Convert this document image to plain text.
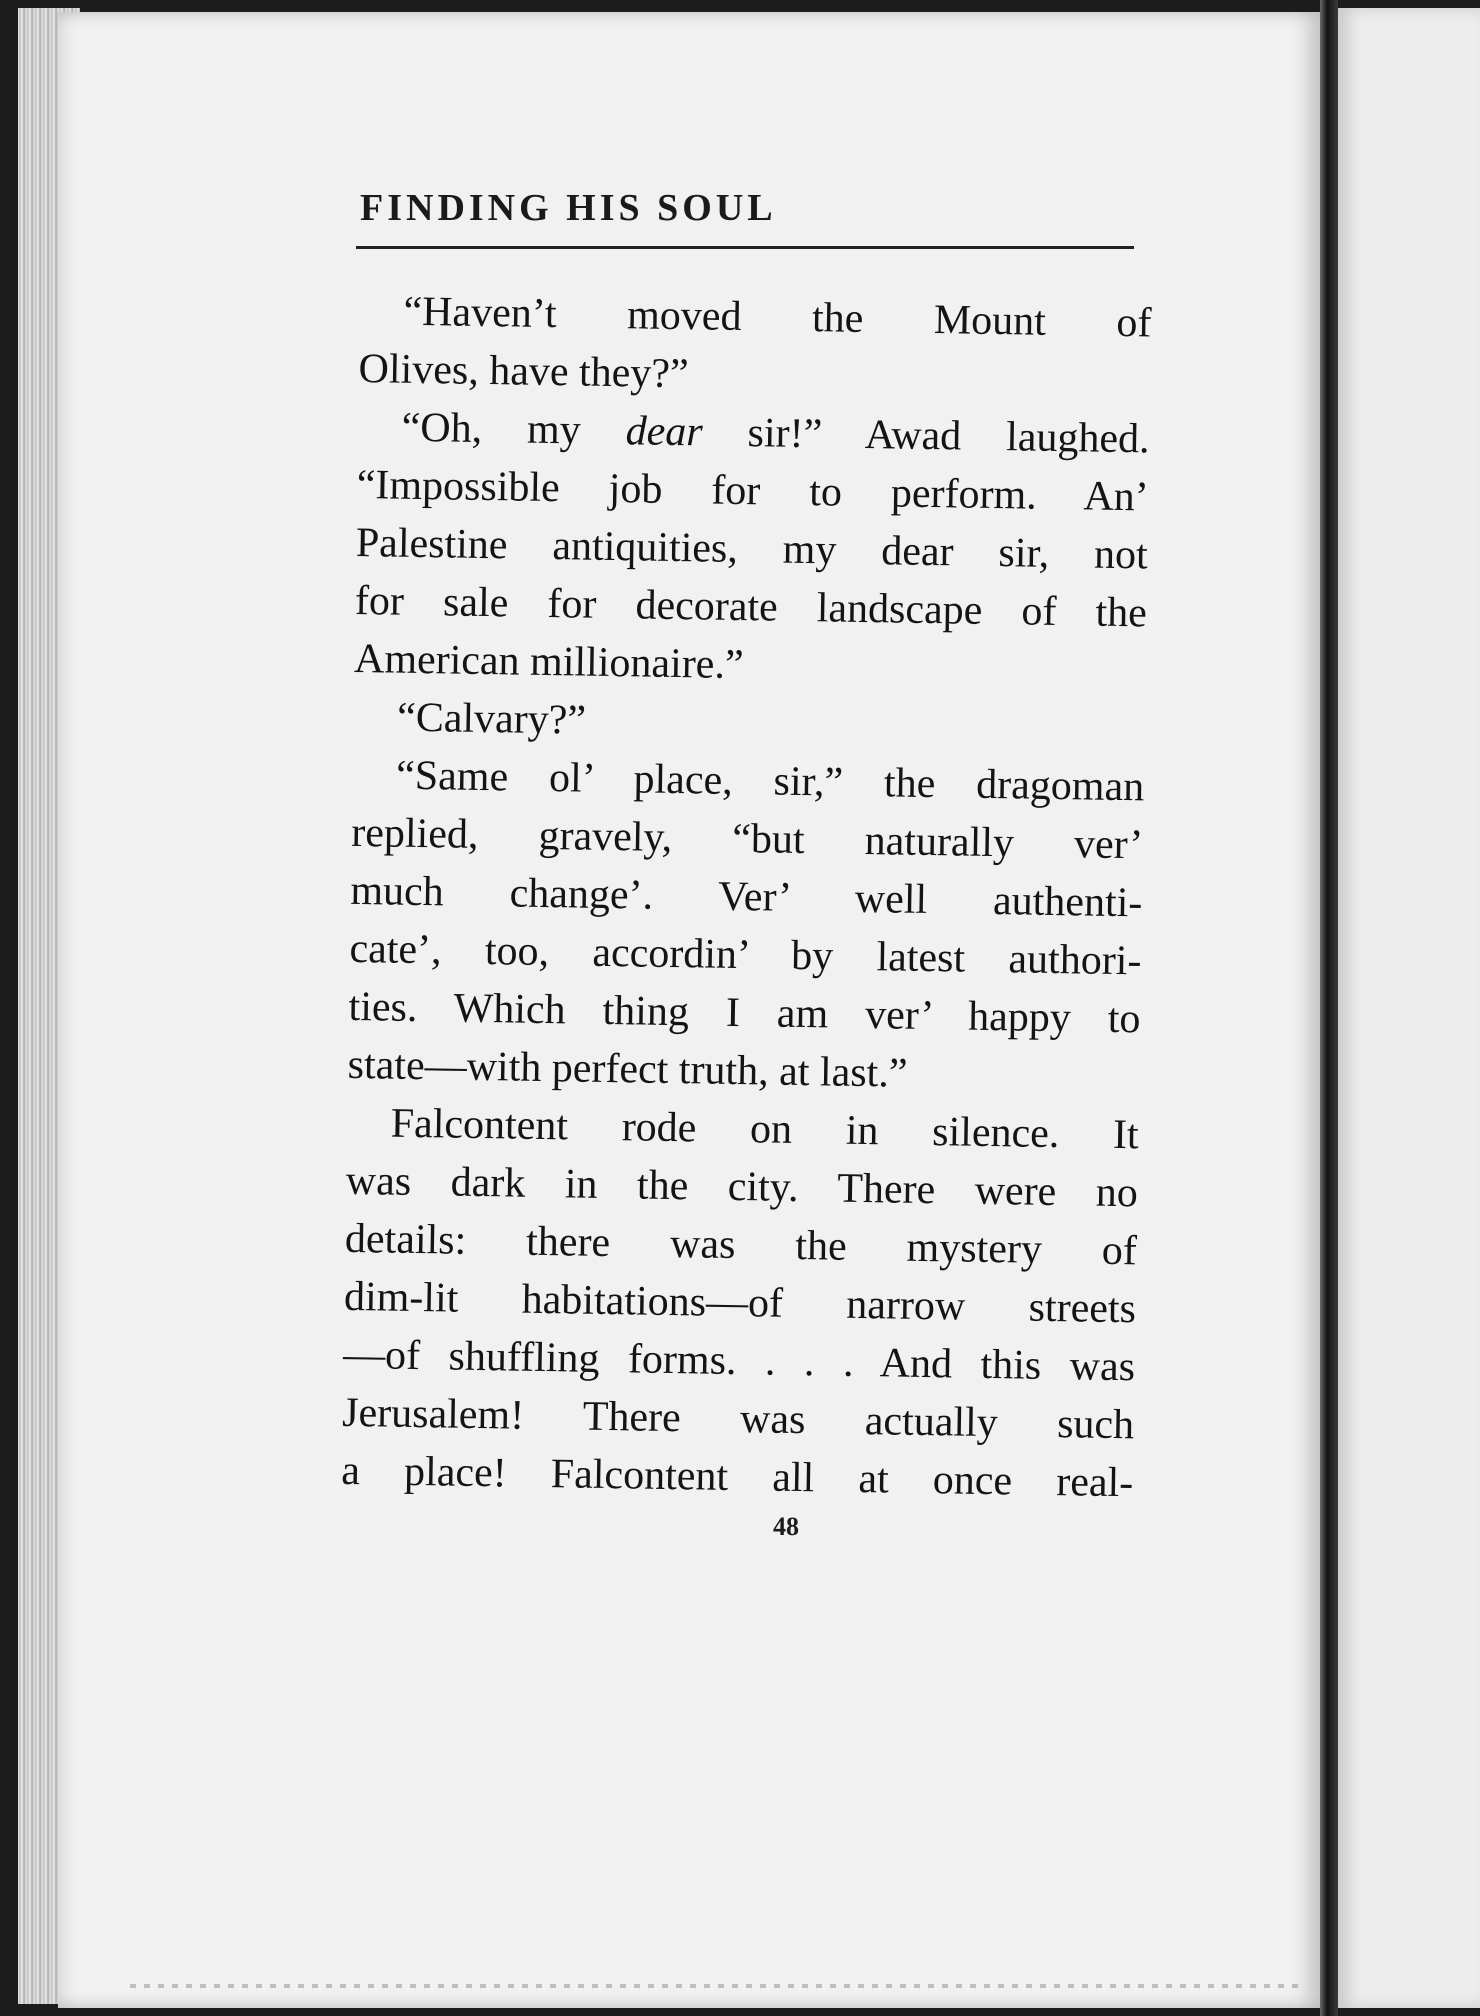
FINDING HIS SOUL

“Haven’t moved the Mount of

Olives, have they?”

“Oh, my dear sir!” Awad laughed.

“Impossible job for to perform. An’

Palestine antiquities, my dear sir, not

for sale for decorate landscape of the

American millionaire.”

“Calvary?”

“Same ol’ place, sir,” the dragoman

replied, gravely, “but naturally ver’

much change’. Ver’ well authenti-

cate’, too, accordin’ by latest authori-

ties. Which thing I am ver’ happy to

state—with perfect truth, at last.”

Falcontent rode on in silence. It

was dark in the city. There were no

details: there was the mystery of

dim-lit habitations—of narrow streets

—of shuffling forms. . . . And this was

Jerusalem! There was actually such

a place! Falcontent all at once real-

48
